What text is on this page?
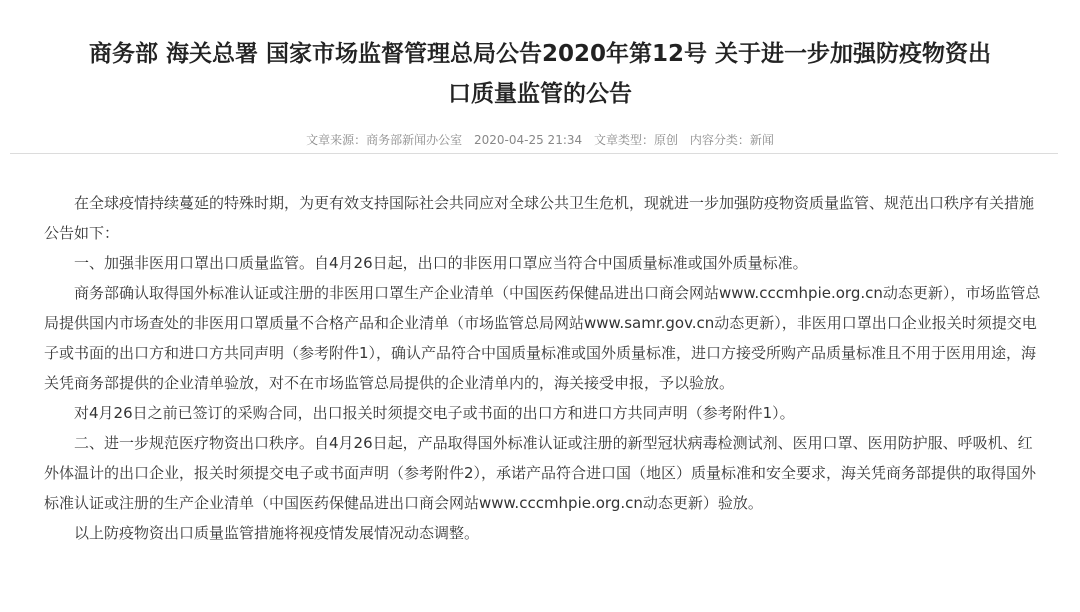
商务部 海关总署 国家市场监督管理总局公告2020年第12号 关于进一步加强防疫物资出
口质量监管的公告
文章来源：商务部新闻办公室 2020-04-25 21:34 文章类型：原创 内容分类：新闻

在全球疫情持续蔓延的特殊时期，为更有效支持国际社会共同应对全球公共卫生危机，现就进一步加强防疫物资质量监管、规范出口秩序有关措施公告如下：

一、加强非医用口罩出口质量监管。自4月26日起，出口的非医用口罩应当符合中国质量标准或国外质量标准。

商务部确认取得国外标准认证或注册的非医用口罩生产企业清单（中国医药保健品进出口商会网站www.cccmhpie.org.cn动态更新），市场监管总局提供国内市场查处的非医用口罩质量不合格产品和企业清单（市场监管总局网站www.samr.gov.cn动态更新），非医用口罩出口企业报关时须提交电子或书面的出口方和进口方共同声明（参考附件1），确认产品符合中国质量标准或国外质量标准，进口方接受所购产品质量标准且不用于医用用途，海关凭商务部提供的企业清单验放，对不在市场监管总局提供的企业清单内的，海关接受申报，予以验放。

对4月26日之前已签订的采购合同，出口报关时须提交电子或书面的出口方和进口方共同声明（参考附件1）。

二、进一步规范医疗物资出口秩序。自4月26日起，产品取得国外标准认证或注册的新型冠状病毒检测试剂、医用口罩、医用防护服、呼吸机、红外体温计的出口企业，报关时须提交电子或书面声明（参考附件2），承诺产品符合进口国（地区）质量标准和安全要求，海关凭商务部提供的取得国外标准认证或注册的生产企业清单（中国医药保健品进出口商会网站www.cccmhpie.org.cn动态更新）验放。

以上防疫物资出口质量监管措施将视疫情发展情况动态调整。
